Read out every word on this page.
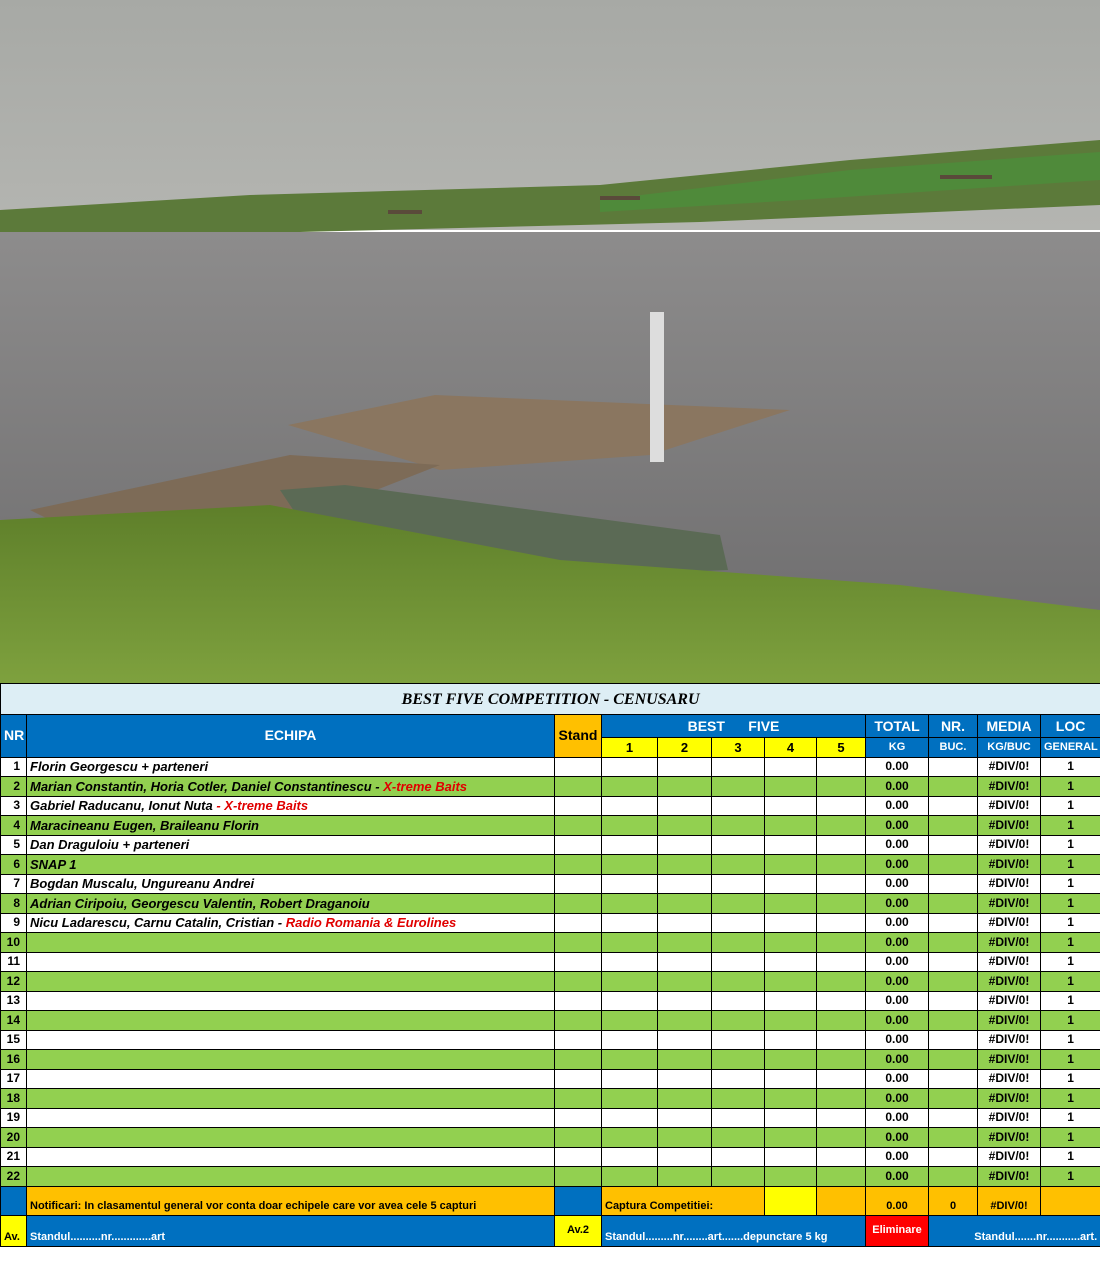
BEST FIVE COMPETITION - CENUSARU											
NR	ECHIPA	Stand	BEST FIVE					TOTAL	NR.	MEDIA	LOC
			1	2	3	4	5	KG	BUC.	KG/BUC	GENERAL
1	Florin Georgescu + parteneri							0.00		#DIV/0!	1
2	Marian Constantin, Horia Cotler, Daniel Constantinescu - X-treme Baits							0.00		#DIV/0!	1
3	Gabriel Raducanu, Ionut Nuta - X-treme Baits							0.00		#DIV/0!	1
4	Maracineanu Eugen, Braileanu Florin							0.00		#DIV/0!	1
5	Dan Draguloiu + parteneri							0.00		#DIV/0!	1
6	SNAP 1							0.00		#DIV/0!	1
7	Bogdan Muscalu, Ungureanu Andrei							0.00		#DIV/0!	1
8	Adrian Ciripoiu, Georgescu Valentin, Robert Draganoiu							0.00		#DIV/0!	1
9	Nicu Ladarescu, Carnu Catalin, Cristian - Radio Romania & Eurolines							0.00		#DIV/0!	1
10								0.00		#DIV/0!	1
11								0.00		#DIV/0!	1
12								0.00		#DIV/0!	1
13								0.00		#DIV/0!	1
14								0.00		#DIV/0!	1
15								0.00		#DIV/0!	1
16								0.00		#DIV/0!	1
17								0.00		#DIV/0!	1
18								0.00		#DIV/0!	1
19								0.00		#DIV/0!	1
20								0.00		#DIV/0!	1
21								0.00		#DIV/0!	1
22								0.00		#DIV/0!	1
	Notificari: In clasamentul general vor conta doar echipele care vor avea cele 5 capturi		Captura Competitiei:					0.00	0	#DIV/0!	
Av.	Standul..........nr.............art	Av.2	Standul.........nr........art.......depunctare 5 kg					Eliminare	Standul.......nr...........art.		
